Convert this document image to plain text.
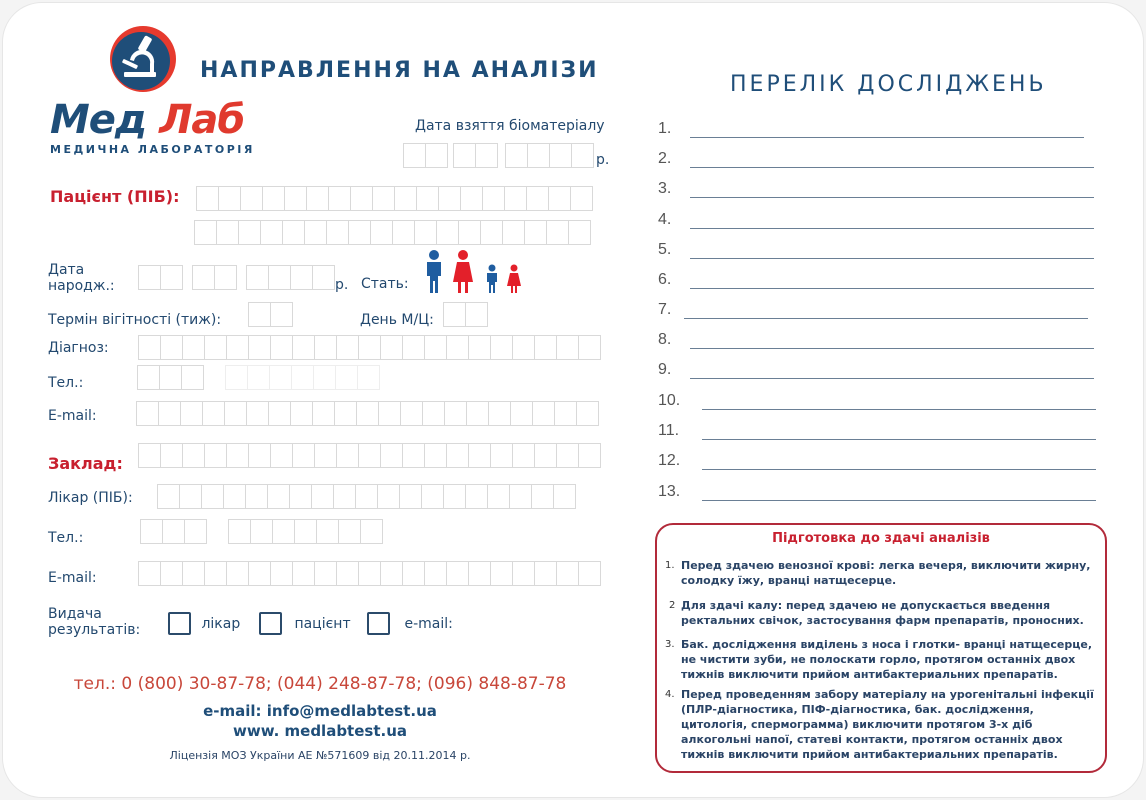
Мед Лаб
МЕДИЧНА ЛАБОРАТОРІЯ
НАПРАВЛЕННЯ НА АНАЛІЗИ
Дата взяття біоматеріалу
р.
Пацієнт (ПІБ):
Дата
народж.:	р. Стать:
Термін вігітності (тиж):	День М/Ц:
Діагноз:
Тел.:
E-mail:
Заклад:
Лікар (ПІБ):
Тел.:
E-mail:
Видача
результатів:	лікар	пацієнт	e-mail:
тел.: 0 (800) 30-87-78; (044) 248-87-78; (096) 848-87-78
e-mail: info@medlabtest.ua
www. medlabtest.ua
Ліцензія МОЗ України АЕ №571609 від 20.11.2014 р.
ПЕРЕЛІК ДОСЛІДЖЕНЬ
1.
2.
3.
4.
5.
6.
7.
8.
9.
10.
11.
12.
13.
Підготовка до здачі аналізів
1. Перед здачею венозної крові: легка вечеря, виключити жирну, солодку їжу, вранці натщесерце.
2 Для здачі калу: перед здачею не допускається введення ректальних свічок, застосування фарм препаратів, проносних.
3. Бак. дослідження виділень з носа і глотки- вранці натщесерце, не чистити зуби, не полоскати горло, протягом останніх двох тижнів виключити прийом антибактериальних препаратів.
4. Перед проведенням забору матеріалу на урогенітальні інфекції (ПЛР-діагностика, ПІФ-діагностика, бак. дослідження, цитологія, спермограмма) виключити протягом 3-х діб алкогольні напої, статеві контакти, протягом останніх двох тижнів виключити прийом антибактериальних препаратів.
